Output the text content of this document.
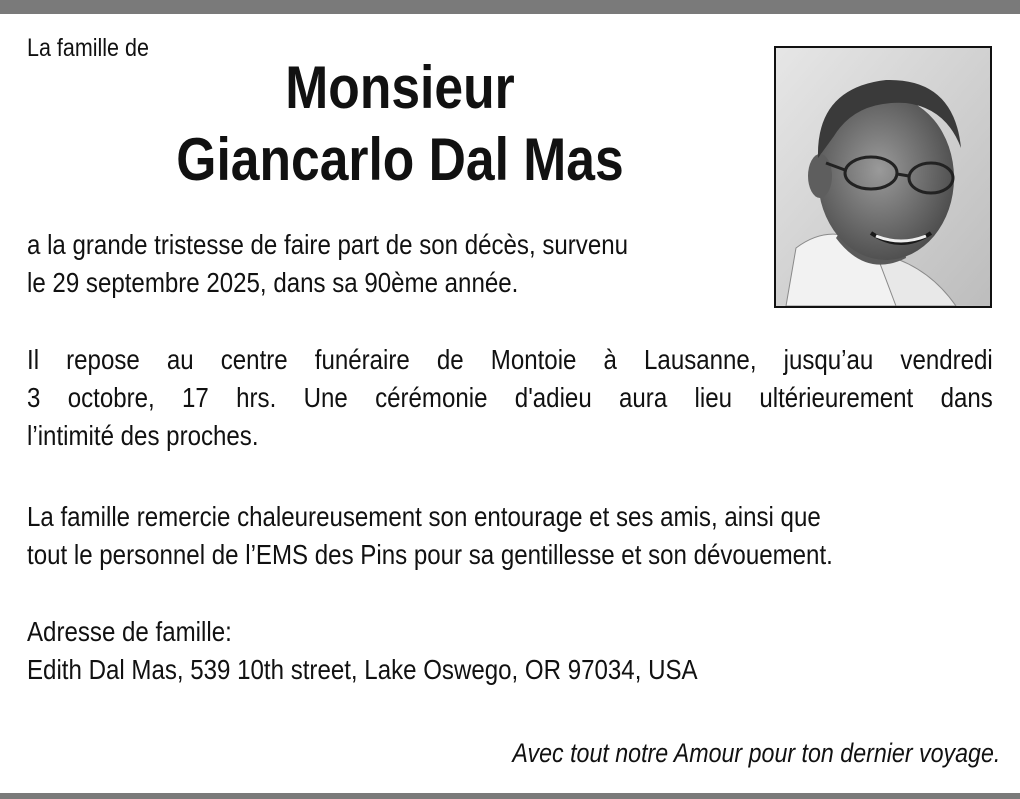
La famille de
Monsieur
Giancarlo Dal Mas
a la grande tristesse de faire part de son décès, survenu
le 29 septembre 2025, dans sa 90ème année.
Il repose au centre funéraire de Montoie à Lausanne, jusqu’au vendredi
3 octobre, 17 hrs. Une cérémonie d'adieu aura lieu ultérieurement dans
l’intimité des proches.
La famille remercie chaleureusement son entourage et ses amis, ainsi que
tout le personnel de l’EMS des Pins pour sa gentillesse et son dévouement.
Adresse de famille:
Edith Dal Mas, 539 10th street, Lake Oswego, OR 97034, USA
Avec tout notre Amour pour ton dernier voyage.
